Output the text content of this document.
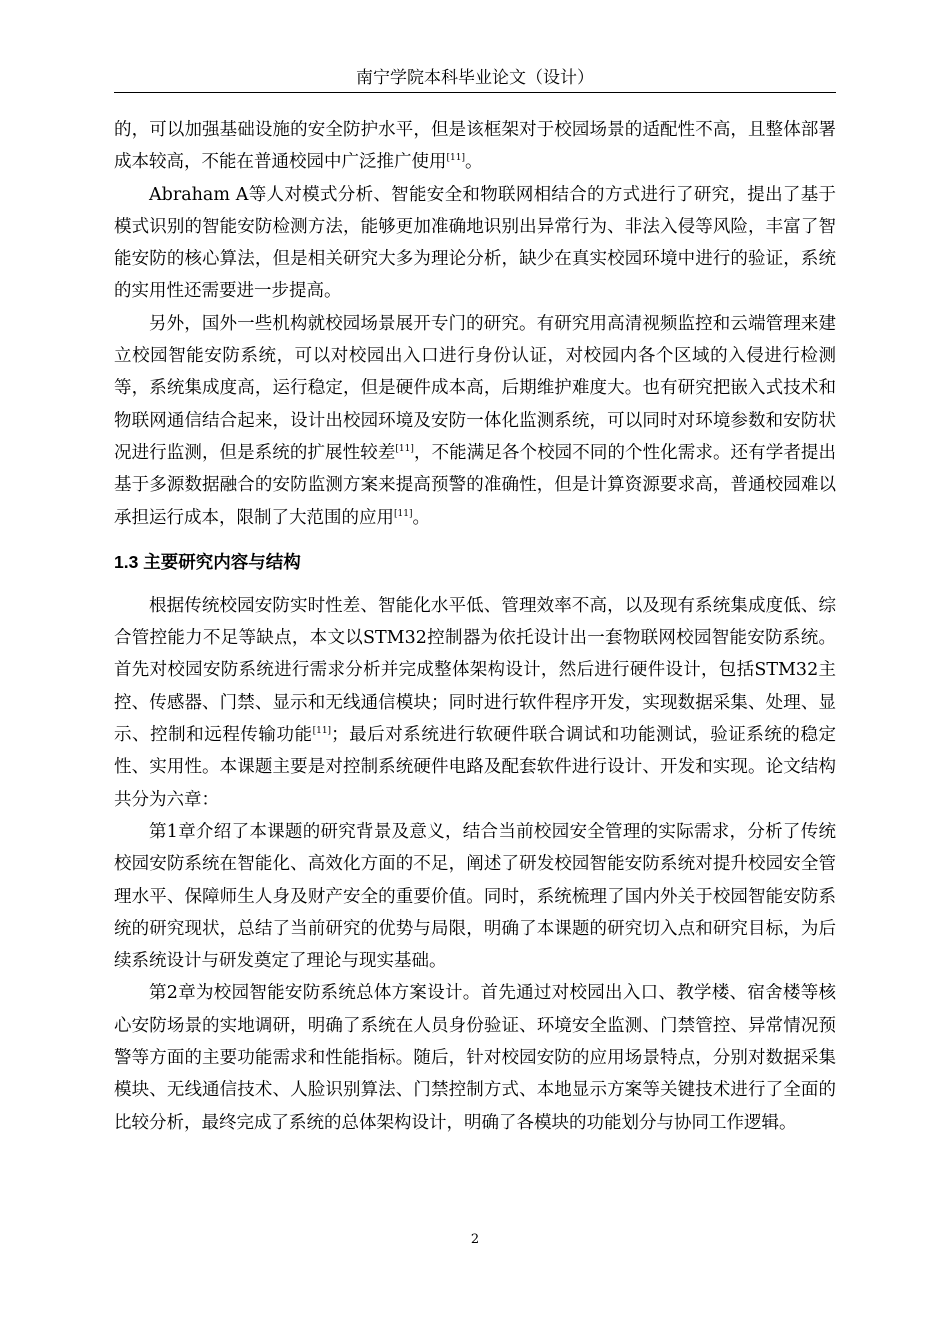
南宁学院本科毕业论文（设计）

的，可以加强基础设施的安全防护水平，但是该框架对于校园场景的适配性不高，且整体部署成本较高，不能在普通校园中广泛推广使用[11]。

Abraham A等人对模式分析、智能安全和物联网相结合的方式进行了研究，提出了基于模式识别的智能安防检测方法，能够更加准确地识别出异常行为、非法入侵等风险，丰富了智能安防的核心算法，但是相关研究大多为理论分析，缺少在真实校园环境中进行的验证，系统的实用性还需要进一步提高。

另外，国外一些机构就校园场景展开专门的研究。有研究用高清视频监控和云端管理来建立校园智能安防系统，可以对校园出入口进行身份认证，对校园内各个区域的入侵进行检测等，系统集成度高，运行稳定，但是硬件成本高，后期维护难度大。也有研究把嵌入式技术和物联网通信结合起来，设计出校园环境及安防一体化监测系统，可以同时对环境参数和安防状况进行监测，但是系统的扩展性较差[11]，不能满足各个校园不同的个性化需求。还有学者提出基于多源数据融合的安防监测方案来提高预警的准确性，但是计算资源要求高，普通校园难以承担运行成本，限制了大范围的应用[11]。

1.3 主要研究内容与结构

根据传统校园安防实时性差、智能化水平低、管理效率不高，以及现有系统集成度低、综合管控能力不足等缺点，本文以STM32控制器为依托设计出一套物联网校园智能安防系统。首先对校园安防系统进行需求分析并完成整体架构设计，然后进行硬件设计，包括STM32主控、传感器、门禁、显示和无线通信模块；同时进行软件程序开发，实现数据采集、处理、显示、控制和远程传输功能[11]；最后对系统进行软硬件联合调试和功能测试，验证系统的稳定性、实用性。本课题主要是对控制系统硬件电路及配套软件进行设计、开发和实现。论文结构共分为六章：

第1章介绍了本课题的研究背景及意义，结合当前校园安全管理的实际需求，分析了传统校园安防系统在智能化、高效化方面的不足，阐述了研发校园智能安防系统对提升校园安全管理水平、保障师生人身及财产安全的重要价值。同时，系统梳理了国内外关于校园智能安防系统的研究现状，总结了当前研究的优势与局限，明确了本课题的研究切入点和研究目标，为后续系统设计与研发奠定了理论与现实基础。

第2章为校园智能安防系统总体方案设计。首先通过对校园出入口、教学楼、宿舍楼等核心安防场景的实地调研，明确了系统在人员身份验证、环境安全监测、门禁管控、异常情况预警等方面的主要功能需求和性能指标。随后，针对校园安防的应用场景特点，分别对数据采集模块、无线通信技术、人脸识别算法、门禁控制方式、本地显示方案等关键技术进行了全面的比较分析，最终完成了系统的总体架构设计，明确了各模块的功能划分与协同工作逻辑。

2
